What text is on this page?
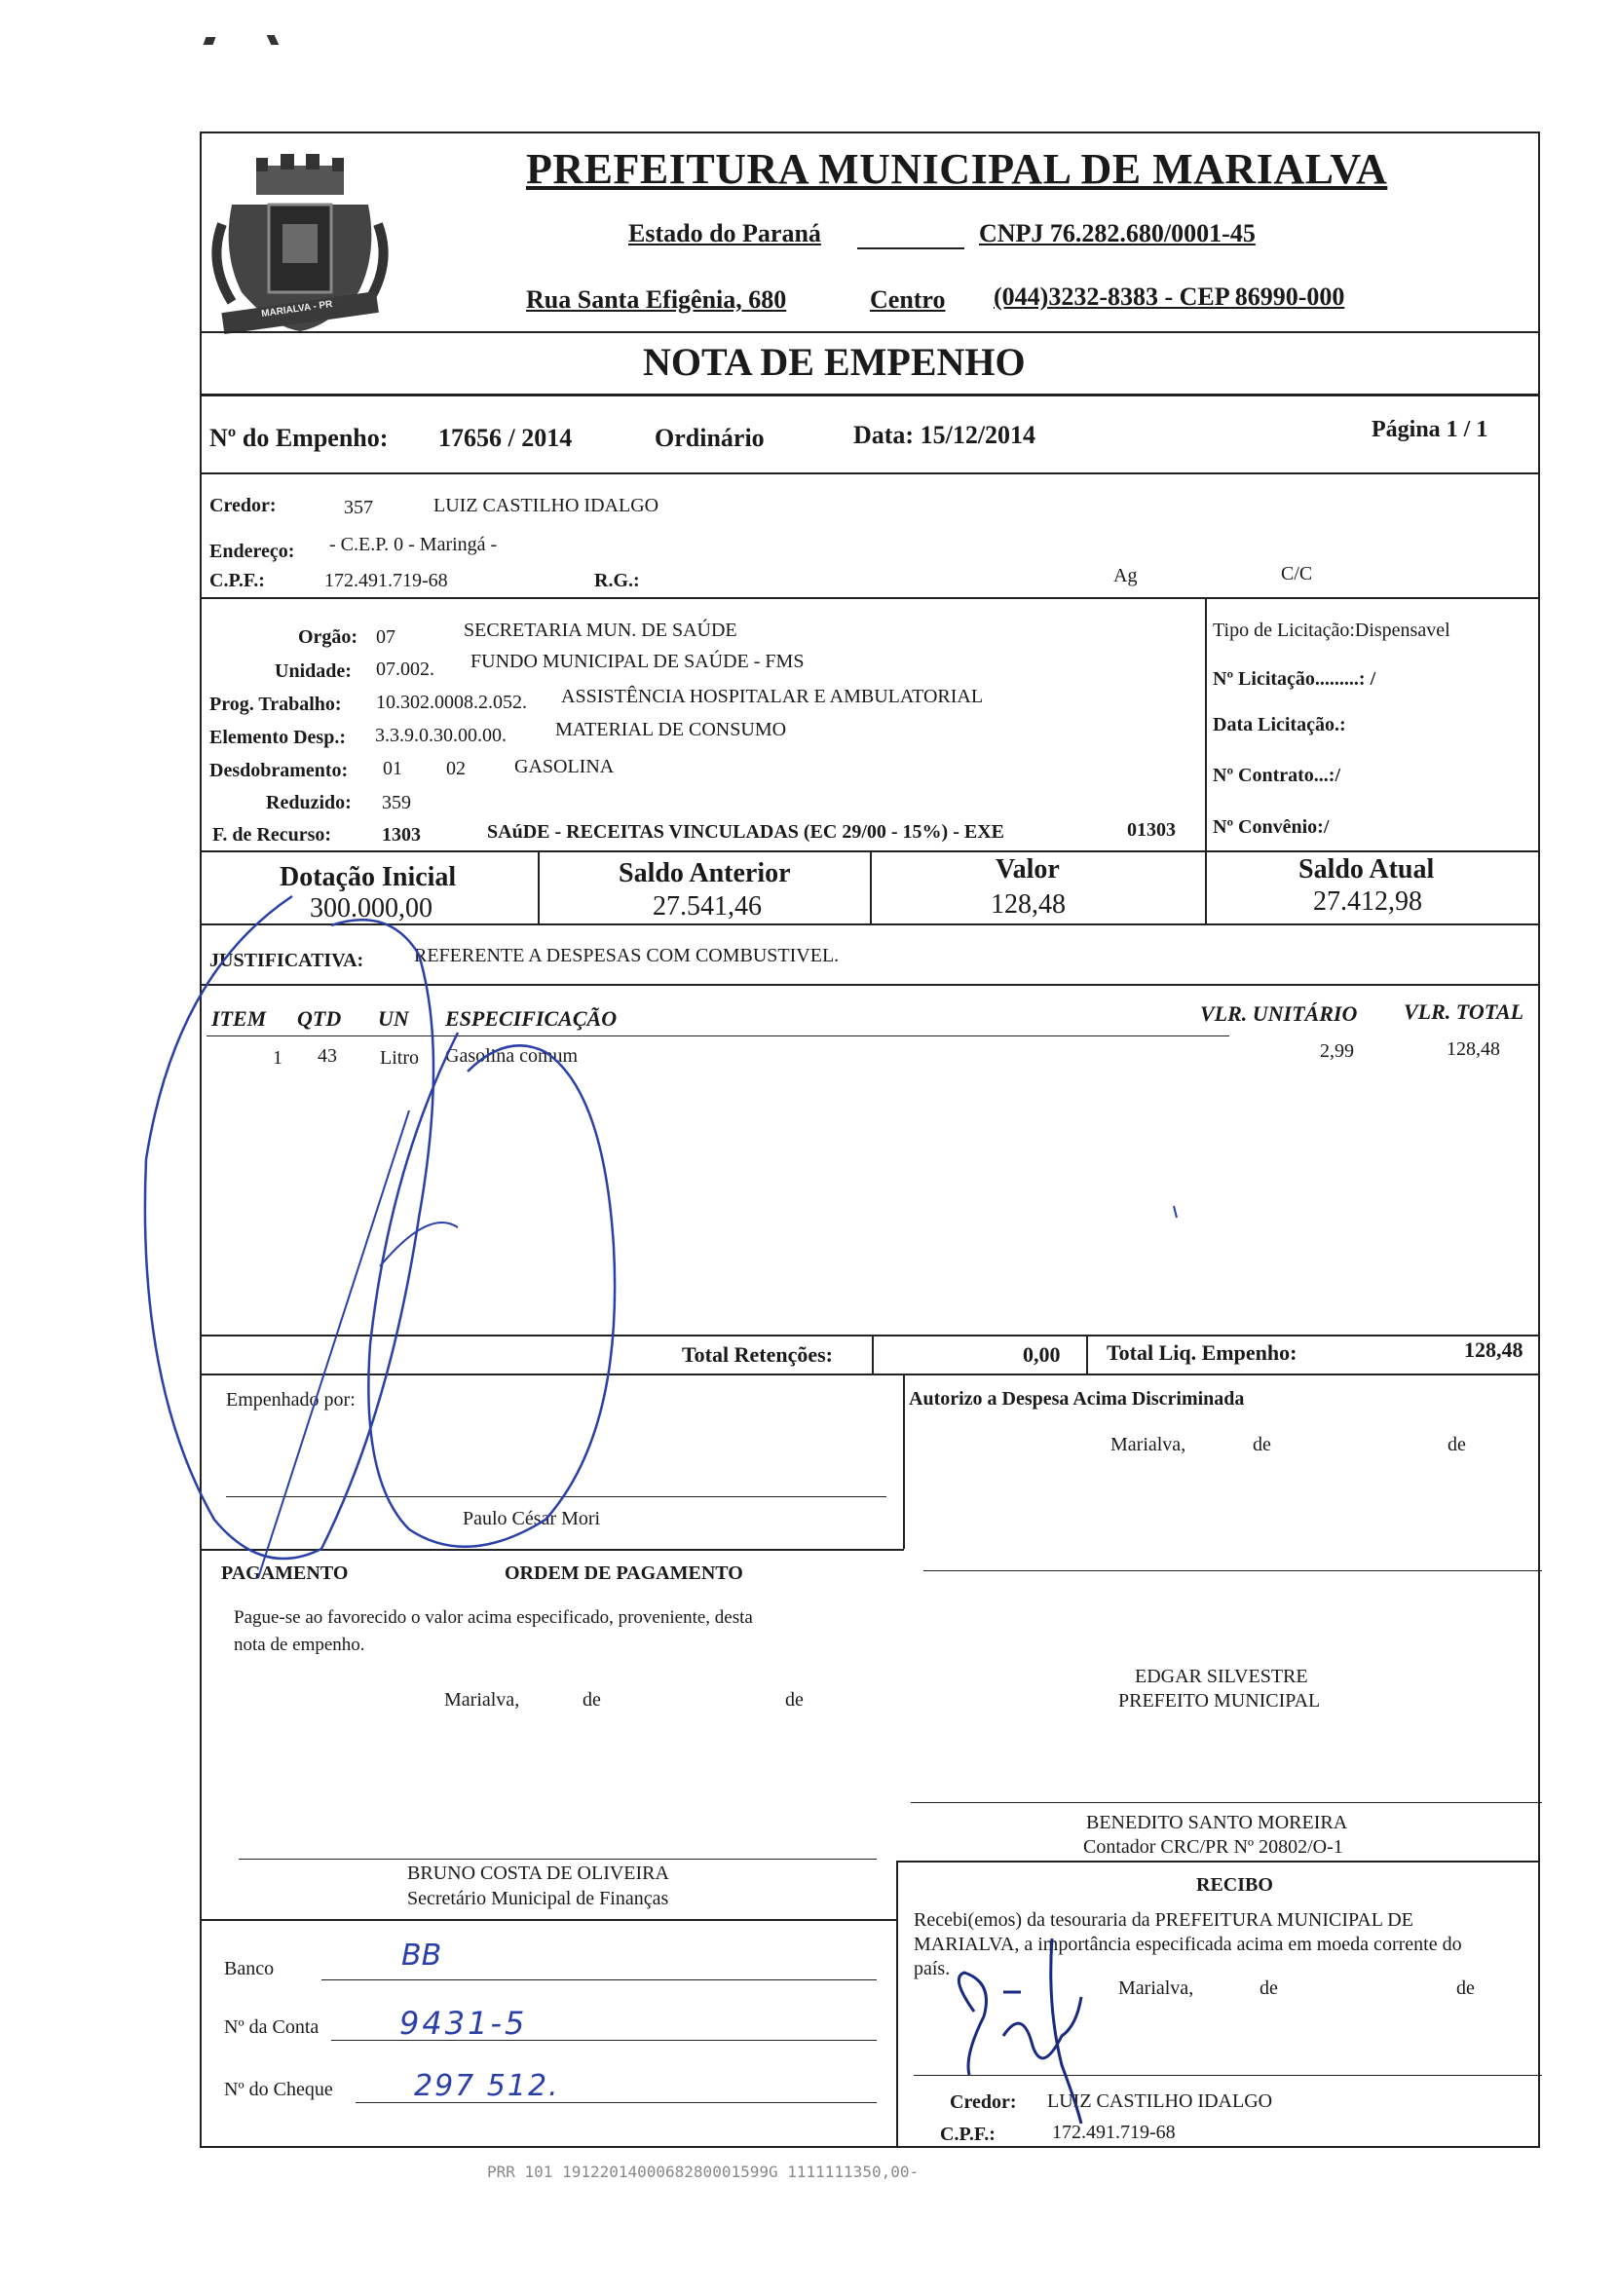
MARIALVA - PR
PREFEITURA MUNICIPAL DE MARIALVA
Estado do Paraná	CNPJ 76.282.680/0001-45
Rua Santa Efigênia, 680	Centro (044)3232-8383 - CEP 86990-000
NOTA DE EMPENHO
Nº do Empenho: 17656 / 2014	Ordinário	Data: 15/12/2014	Página 1 / 1
Credor:	357	LUIZ CASTILHO IDALGO
Endereço: - C.E.P. 0 - Maringá -
C.P.F.:	172.491.719-68	R.G.:	Ag	C/C
Orgão: 07	SECRETARIA MUN. DE SAÚDE
Unidade: 07.002. FUNDO MUNICIPAL DE SAÚDE - FMS
Prog. Trabalho: 10.302.0008.2.052. ASSISTÊNCIA HOSPITALAR E AMBULATORIAL
Elemento Desp.: 3.3.9.0.30.00.00.	MATERIAL DE CONSUMO
Desdobramento: 01 02	GASOLINA
Reduzido: 359
F. de Recurso:	1303	SAúDE - RECEITAS VINCULADAS (EC 29/00 - 15%) - EXE	01303
Tipo de Licitação:Dispensavel
Nº Licitação.........: /
Data Licitação.:
Nº Contrato...:/
Nº Convênio:/
Dotação Inicial
300.000,00
Saldo Anterior
27.541,46
Valor
128,48
Saldo Atual
27.412,98
JUSTIFICATIVA:	REFERENTE A DESPESAS COM COMBUSTIVEL.
ITEM QTD UN ESPECIFICAÇÃO	VLR. UNITÁRIO VLR. TOTAL
1 43 Litro Gasolina comum	2,99	128,48
Total Retenções:	0,00 Total Liq. Empenho:	128,48
Empenhado por:
Paulo César Mori
Autorizo a Despesa Acima Discriminada
Marialva,	de	de
PAGAMENTO	ORDEM DE PAGAMENTO
Pague-se ao favorecido o valor acima especificado, proveniente, desta
nota de empenho.
Marialva,	de	de
EDGAR SILVESTRE
PREFEITO MUNICIPAL
BENEDITO SANTO MOREIRA
Contador CRC/PR Nº 20802/O-1
BRUNO COSTA DE OLIVEIRA
Secretário Municipal de Finanças
RECIBO
Recebi(emos) da tesouraria da PREFEITURA MUNICIPAL DE
MARIALVA, a importância especificada acima em moeda corrente do
país.
Marialva,	de	de
Credor: LUIZ CASTILHO IDALGO
C.P.F.:	172.491.719-68
Banco	BB
Nº da Conta	9431-5
Nº do Cheque	297 512.
PRR 101 1912201400068280001599G 1111111350,00-
